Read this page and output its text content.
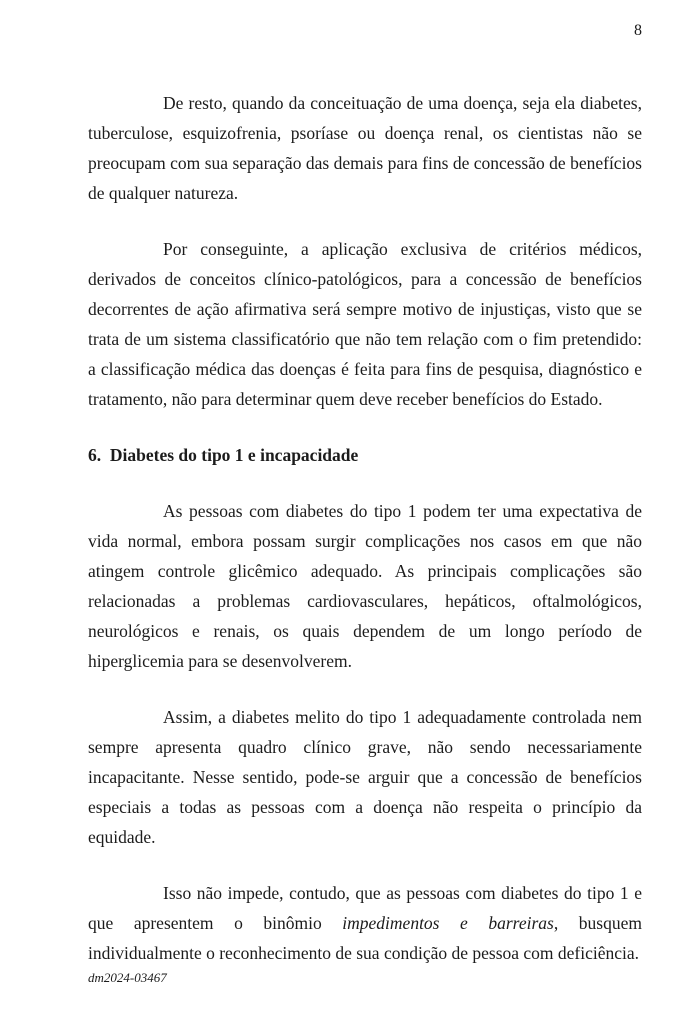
8

De resto, quando da conceituação de uma doença, seja ela diabetes, tuberculose, esquizofrenia, psoríase ou doença renal, os cientistas não se preocupam com sua separação das demais para fins de concessão de benefícios de qualquer natureza.

Por conseguinte, a aplicação exclusiva de critérios médicos, derivados de conceitos clínico-patológicos, para a concessão de benefícios decorrentes de ação afirmativa será sempre motivo de injustiças, visto que se trata de um sistema classificatório que não tem relação com o fim pretendido: a classificação médica das doenças é feita para fins de pesquisa, diagnóstico e tratamento, não para determinar quem deve receber benefícios do Estado.

6.  Diabetes do tipo 1 e incapacidade

As pessoas com diabetes do tipo 1 podem ter uma expectativa de vida normal, embora possam surgir complicações nos casos em que não atingem controle glicêmico adequado. As principais complicações são relacionadas a problemas cardiovasculares, hepáticos, oftalmológicos, neurológicos e renais, os quais dependem de um longo período de hiperglicemia para se desenvolverem.

Assim, a diabetes melito do tipo 1 adequadamente controlada nem sempre apresenta quadro clínico grave, não sendo necessariamente incapacitante. Nesse sentido, pode-se arguir que a concessão de benefícios especiais a todas as pessoas com a doença não respeita o princípio da equidade.

Isso não impede, contudo, que as pessoas com diabetes do tipo 1 e que apresentem o binômio impedimentos e barreiras, busquem individualmente o reconhecimento de sua condição de pessoa com deficiência.

dm2024-03467
